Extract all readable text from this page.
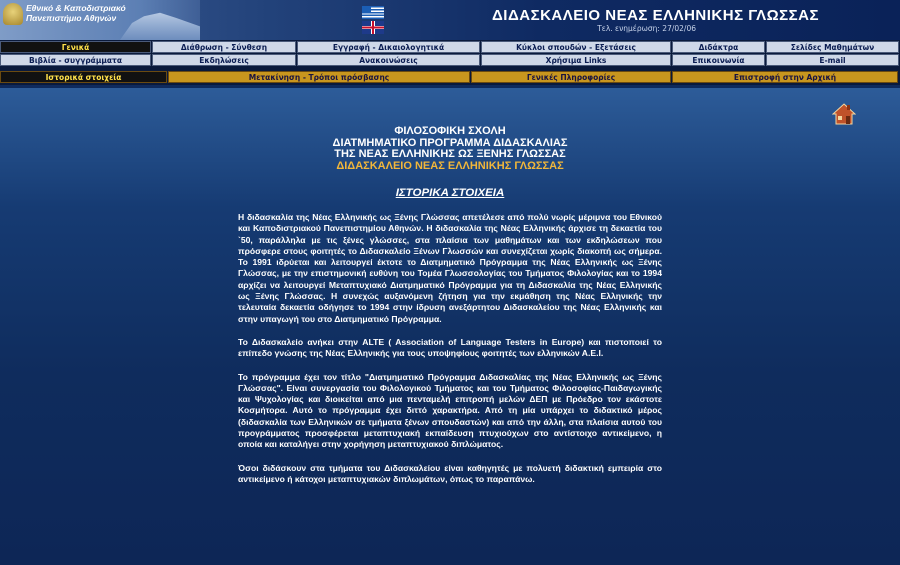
Εθνικό & Καποδιστριακό
Πανεπιστήμιο Αθηνών	ΔΙΔΑΣΚΑΛΕΙΟ ΝΕΑΣ ΕΛΛΗΝΙΚΗΣ ΓΛΩΣΣΑΣ
Τελ. ενημέρωση: 27/02/06
Γενικά	Διάθρωση - Σύνθεση	Εγγραφή - Δικαιολογητικά	Κύκλοι σπουδών - Εξετάσεις	Διδάκτρα	Σελίδες Μαθημάτων
Βιβλία - συγγράμματα	Εκδηλώσεις	Ανακοινώσεις	Χρήσιμα Links	Επικοινωνία	E-mail
Ιστορικά στοιχεία	Μετακίνηση - Τρόποι πρόσβασης	Γενικές Πληροφορίες	Επιστροφή στην Αρχική
ΦΙΛΟΣΟΦΙΚΗ ΣΧΟΛΗ
ΔΙΑΤΜΗΜΑΤΙΚΟ ΠΡΟΓΡΑΜΜΑ ΔΙΔΑΣΚΑΛΙΑΣ
ΤΗΣ ΝΕΑΣ ΕΛΛΗΝΙΚΗΣ ΩΣ ΞΕΝΗΣ ΓΛΩΣΣΑΣ
ΔΙΔΑΣΚΑΛΕΙΟ ΝΕΑΣ ΕΛΛΗΝΙΚΗΣ ΓΛΩΣΣΑΣ
ΙΣΤΟΡΙΚΑ ΣΤΟΙΧΕΙΑ

Η διδασκαλία της Νέας Ελληνικής ως Ξένης Γλώσσας απετέλεσε από πολύ νωρίς μέριμνα του Εθνικού και Καποδιστριακού Πανεπιστημίου Αθηνών. Η διδασκαλία της Νέας Ελληνικής άρχισε τη δεκαετία του `50, παράλληλα με τις ξένες γλώσσες, στα πλαίσια των μαθημάτων και των εκδηλώσεων που πρόσφερε στους φοιτητές το Διδασκαλείο Ξένων Γλωσσών και συνεχίζεται χωρίς διακοπή ως σήμερα. Το 1991 ιδρύεται και λειτουργεί έκτοτε το Διατμηματικό Πρόγραμμα της Νέας Ελληνικής ως Ξένης Γλώσσας, με την επιστημονική ευθύνη του Τομέα Γλωσσολογίας του Τμήματος Φιλολογίας και το 1994 αρχίζει να λειτουργεί Μεταπτυχιακό Διατμηματικό Πρόγραμμα για τη Διδασκαλία της Νέας Ελληνικής ως Ξένης Γλώσσας. Η συνεχώς αυξανόμενη ζήτηση για την εκμάθηση της Νέας Ελληνικής την τελευταία δεκαετία οδήγησε το 1994 στην ίδρυση ανεξάρτητου Διδασκαλείου της Νέας Ελληνικής και στην υπαγωγή του στο Διατμηματικό Πρόγραμμα.

Το Διδασκαλείο ανήκει στην ALTE ( Association of Language Testers in Europe) και πιστοποιεί το επίπεδο γνώσης της Νέας Ελληνικής για τους υποψηφίους φοιτητές των ελληνικών Α.Ε.Ι.

Το πρόγραμμα έχει τον τίτλο "Διατμηματικό Πρόγραμμα Διδασκαλίας της Νέας Ελληνικής ως Ξένης Γλώσσας". Είναι συνεργασία του Φιλολογικού Τμήματος και του Τμήματος Φιλοσοφίας-Παιδαγωγικής και Ψυχολογίας και διοικείται από μια πενταμελή επιτροπή μελών ΔΕΠ με Πρόεδρο τον εκάστοτε Κοσμήτορα. Αυτό το πρόγραμμα έχει διττό χαρακτήρα. Από τη μία υπάρχει το διδακτικό μέρος (διδασκαλία των Ελληνικών σε τμήματα ξένων σπουδαστών) και από την άλλη, στα πλαίσια αυτού του προγράμματος προσφέρεται μεταπτυχιακή εκπαίδευση πτυχιούχων στο αντίστοιχο αντικείμενο, η οποία και καταλήγει στην χορήγηση μεταπτυχιακού διπλώματος.

Όσοι διδάσκουν στα τμήματα του Διδασκαλείου είναι καθηγητές με πολυετή διδακτική εμπειρία στο αντικείμενο ή κάτοχοι μεταπτυχιακών διπλωμάτων, όπως το παραπάνω.
